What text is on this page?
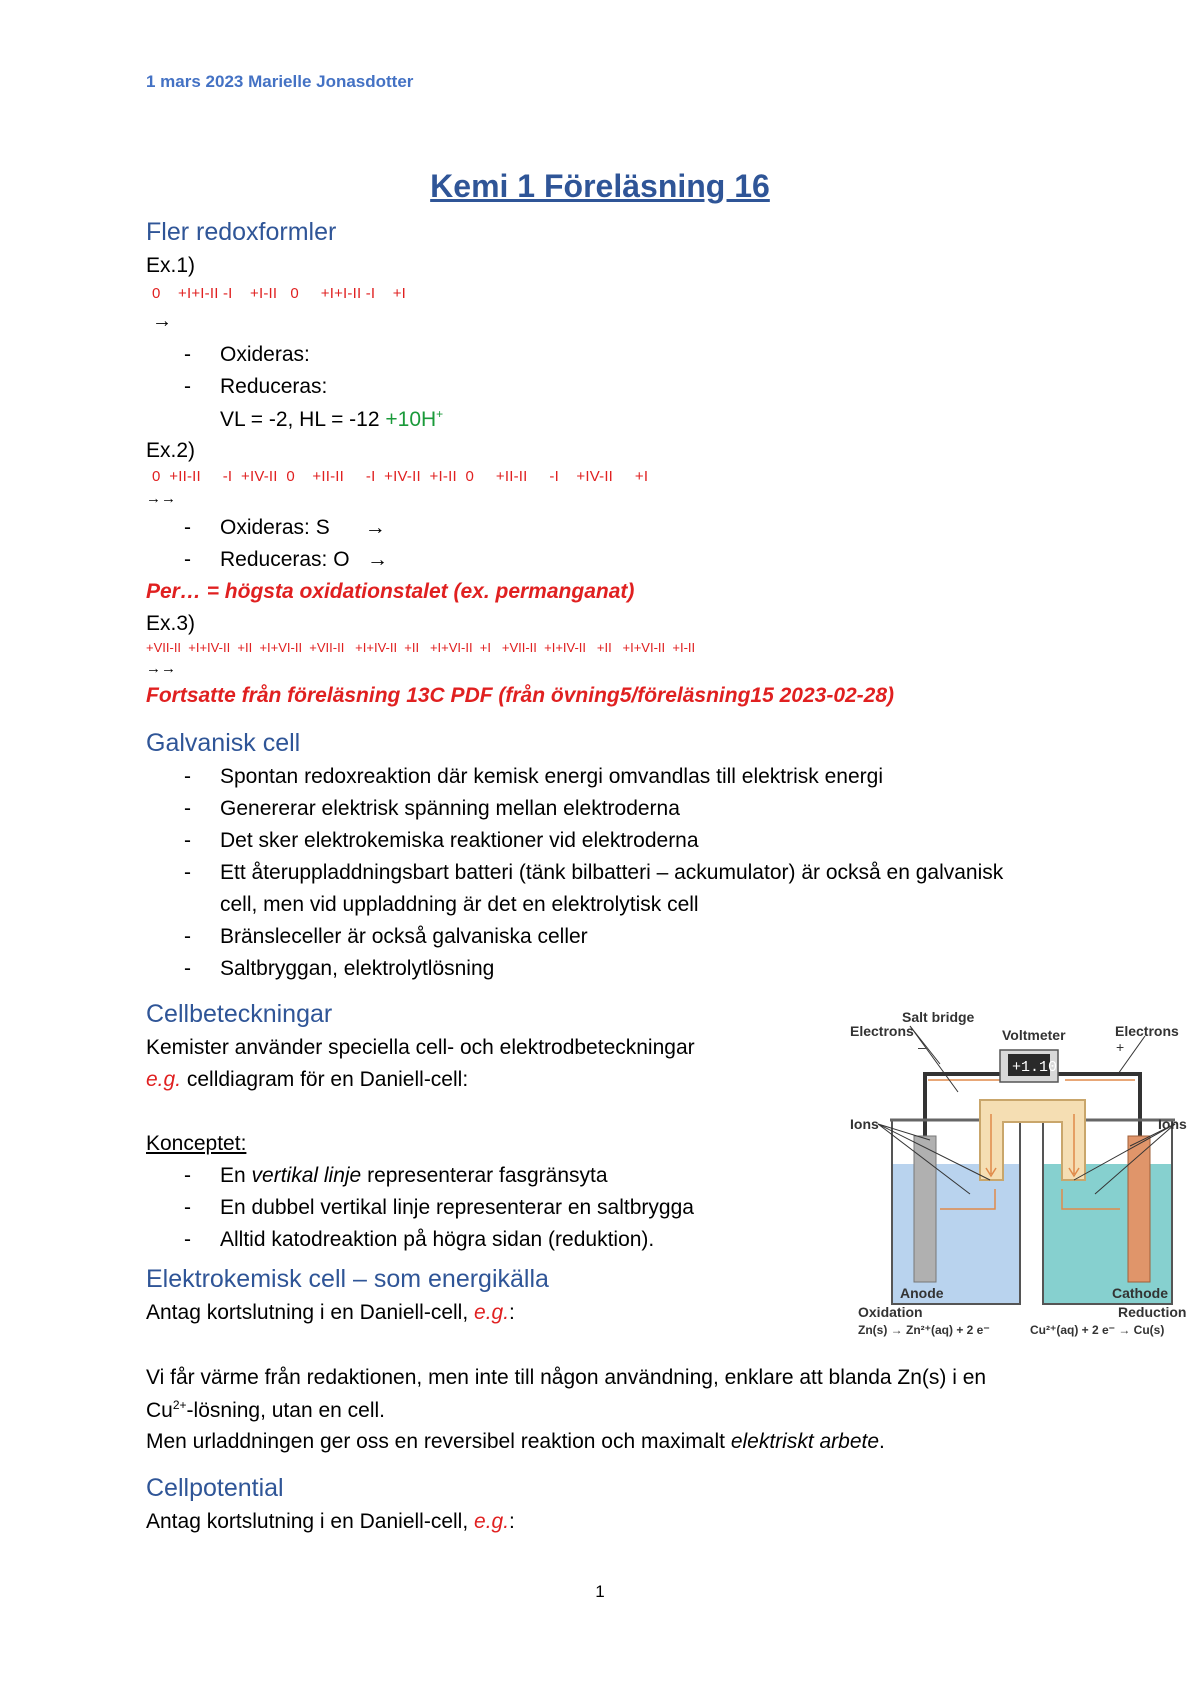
1 mars 2023 Marielle Jonasdotter
Kemi 1 Föreläsning 16
Fler redoxformler
Ex.1)
0    +I+I-II -I    +I-II   0     +I+I-II -I    +I
→
- Oxideras:
- Reduceras:
VL = -2, HL = -12 +10H+
Ex.2)
0  +II-II     -I  +IV-II  0    +II-II     -I  +IV-II  +I-II  0     +II-II     -I    +IV-II     +I
→→
- Oxideras: S      →
- Reduceras: O   →
Per… = högsta oxidationstalet (ex. permanganat)
Ex.3)
+VII-II  +I+IV-II  +II  +I+VI-II  +VII-II   +I+IV-II  +II   +I+VI-II  +I   +VII-II  +I+IV-II   +II   +I+VI-II  +I-II
→→
Fortsatte från föreläsning 13C PDF (från övning5/föreläsning15 2023-02-28)
Galvanisk cell
- Spontan redoxreaktion där kemisk energi omvandlas till elektrisk energi
- Genererar elektrisk spänning mellan elektroderna
- Det sker elektrokemiska reaktioner vid elektroderna
- Ett återuppladdningsbart batteri (tänk bilbatteri – ackumulator) är också en galvanisk
cell, men vid uppladdning är det en elektrolytisk cell
- Bränsleceller är också galvaniska celler
- Saltbryggan, elektrolytlösning
Cellbeteckningar
Kemister använder speciella cell- och elektrodbeteckningar
e.g. celldiagram för en Daniell-cell:
Konceptet:
- En vertikal linje representerar fasgränsyta
- En dubbel vertikal linje representerar en saltbrygga
- Alltid katodreaktion på högra sidan (reduktion).
Elektrokemisk cell – som energikälla
Antag kortslutning i en Daniell-cell, e.g.:
Vi får värme från redaktionen, men inte till någon användning, enklare att blanda Zn(s) i en
$Cu^{2+}$-lösning, utan en cell.
Men urladdningen ger oss en reversibel reaktion och maximalt elektriskt arbete.
Cellpotential
Antag kortslutning i en Daniell-cell, e.g.:
1
Salt bridge
Voltmeter
Electrons	Electrons
–	+
+1.10
Ions	Ions
Anode	Cathode
Oxidation	Reduction
Zn(s) → Zn²⁺(aq) + 2 e⁻	Cu²⁺(aq) + 2 e⁻ → Cu(s)
